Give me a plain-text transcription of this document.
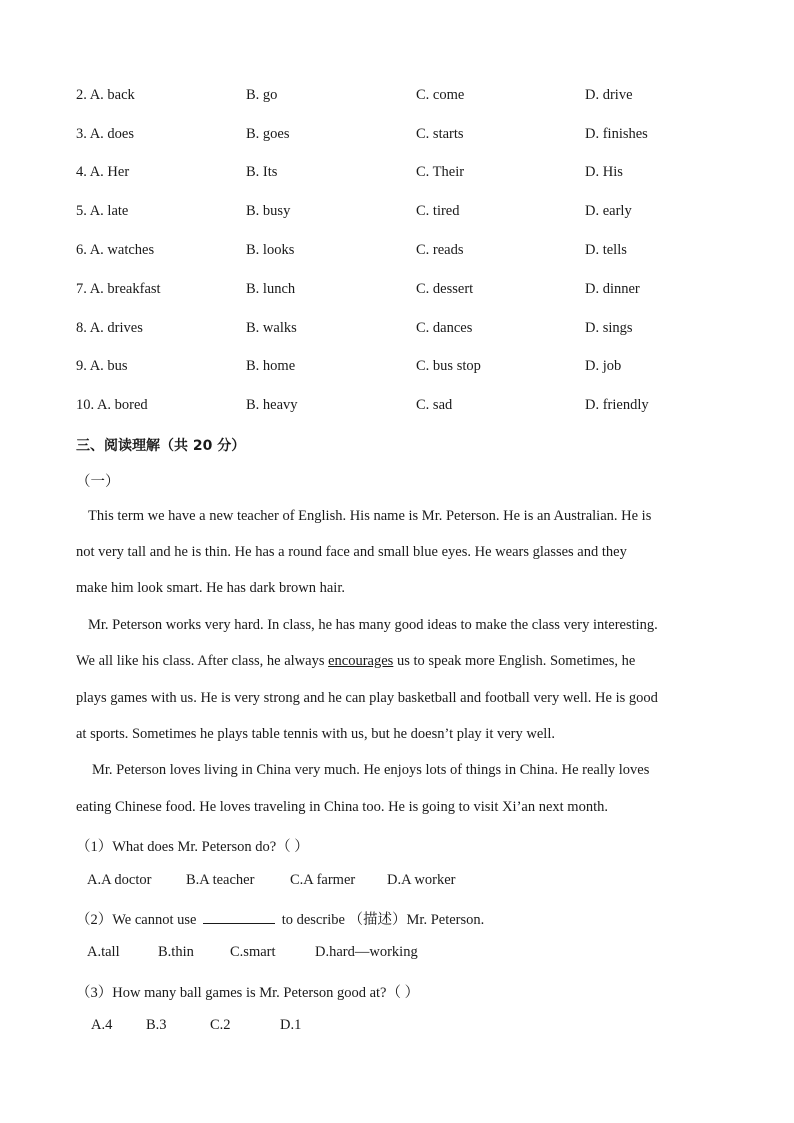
2. A. back	B. go	C. come	D. drive
3. A. does	B. goes	C. starts	D. finishes
4. A. Her	B. Its	C. Their	D. His
5. A. late	B. busy	C. tired	D. early
6. A. watches	B. looks	C. reads	D. tells
7. A. breakfast	B. lunch	C. dessert	D. dinner
8. A. drives	B. walks	C. dances	D. sings
9. A. bus	B. home	C. bus stop	D. job
10. A. bored	B. heavy	C. sad	D. friendly
三、阅读理解（共 20 分）
（一）
This term we have a new teacher of English. His name is Mr. Peterson. He is an Australian. He is
not very tall and he is thin. He has a round face and small blue eyes. He wears glasses and they
make him look smart. He has dark brown hair.
Mr. Peterson works very hard. In class, he has many good ideas to make the class very interesting.
We all like his class. After class, he always encourages us to speak more English. Sometimes, he
plays games with us. He is very strong and he can play basketball and football very well. He is good
at sports. Sometimes he plays table tennis with us, but he doesn’t play it very well.
Mr. Peterson loves living in China very much. He enjoys lots of things in China. He really loves
eating Chinese food. He loves traveling in China too. He is going to visit Xi’an next month.
（1）What does Mr. Peterson do?（ ）
A.A doctor B.A teacher C.A farmer D.A worker
（2）We cannot use	to describe （描述）Mr. Peterson.
A.tall	B.thin C.smart	D.hard—working
（3）How many ball games is Mr. Peterson good at?（ ）
A.4 B.3	C.2	D.1
